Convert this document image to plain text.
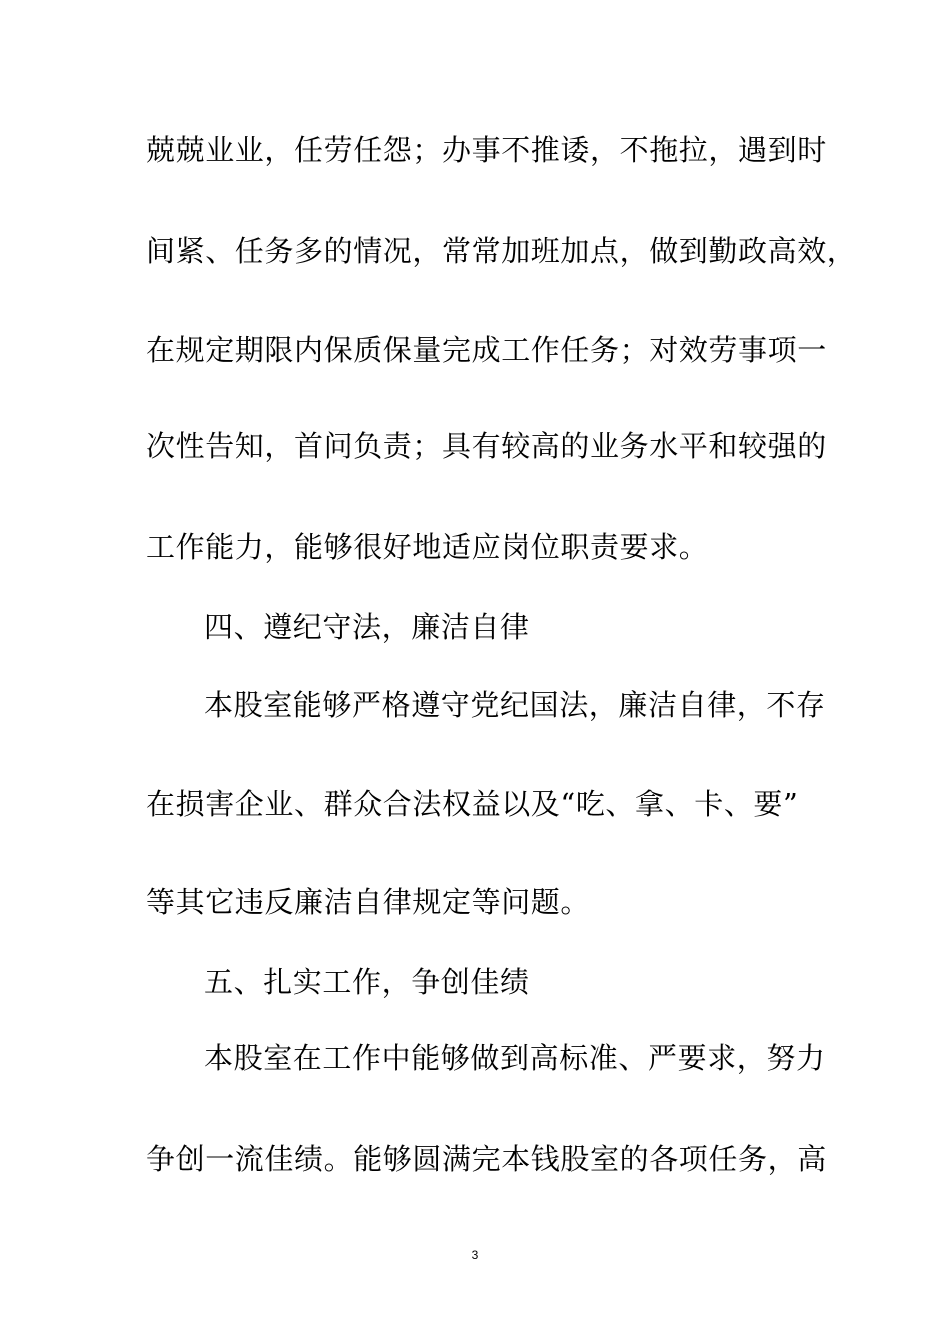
兢兢业业，任劳任怨；办事不推诿，不拖拉，遇到时
间紧、任务多的情况，常常加班加点，做到勤政高效，
在规定期限内保质保量完成工作任务；对效劳事项一
次性告知，首问负责；具有较高的业务水平和较强的
工作能力，能够很好地适应岗位职责要求。
四、遵纪守法，廉洁自律
本股室能够严格遵守党纪国法，廉洁自律，不存
在损害企业、群众合法权益以及“吃、拿、卡、要”
等其它违反廉洁自律规定等问题。
五、扎实工作，争创佳绩
本股室在工作中能够做到高标准、严要求，努力
争创一流佳绩。能够圆满完本钱股室的各项任务，高
3
